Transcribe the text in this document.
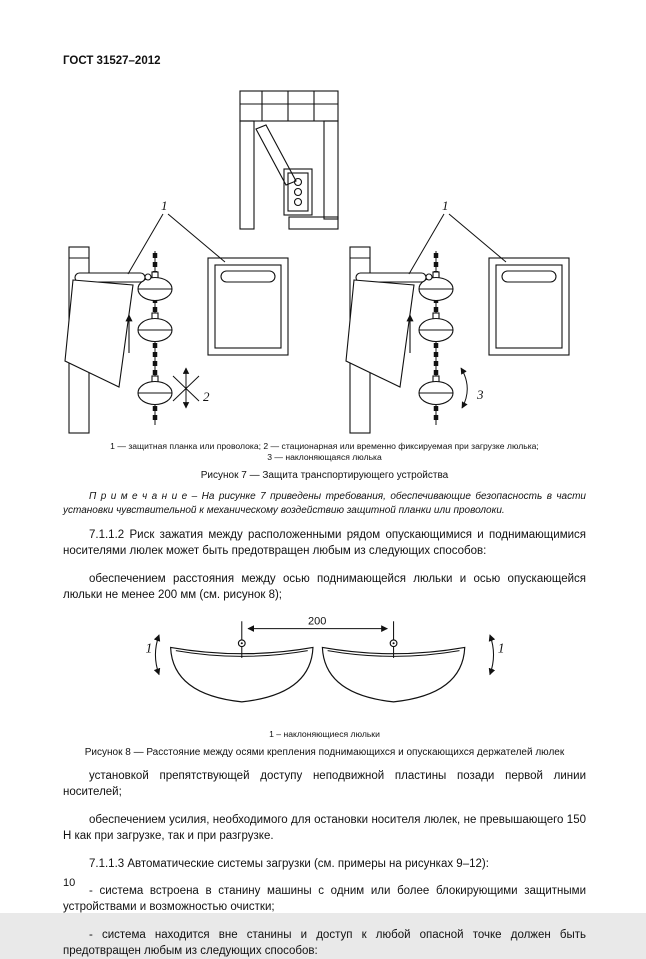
ГОСТ 31527–2012
1
2
1
3
1 — защитная планка или проволока; 2 — стационарная или временно фиксируемая при загрузке люлька;
3 — наклоняющаяся люлька
Рисунок 7 — Защита транспортирующего устройства

П р и м е ч а н и е – На рисунке 7 приведены требования, обеспечивающие безопасность в части установки чувствительной к механическому воздействию защитной планки или проволоки.

7.1.1.2 Риск зажатия между расположенными рядом опускающимися и поднимающимися носителями люлек может быть предотвращен любым из следующих способов:

обеспечением расстояния между осью поднимающейся люльки и осью опускающейся люльки не менее 200 мм (см. рисунок 8);

200
1	1
1 – наклоняющиеся люльки
Рисунок 8 — Расстояние между осями крепления поднимающихся и опускающихся держателей люлек

установкой препятствующей доступу неподвижной пластины позади первой линии носителей;

обеспечением усилия, необходимого для остановки носителя люлек, не превышающего 150 Н как при загрузке, так и при разгрузке.

7.1.1.3 Автоматические системы загрузки (см. примеры на рисунках 9–12):

- система встроена в станину машины с одним или более блокирующими защитными устройствами и возможностью очистки;

- система находится вне станины и доступ к любой опасной точке должен быть предотвращен любым из следующих способов:

10
